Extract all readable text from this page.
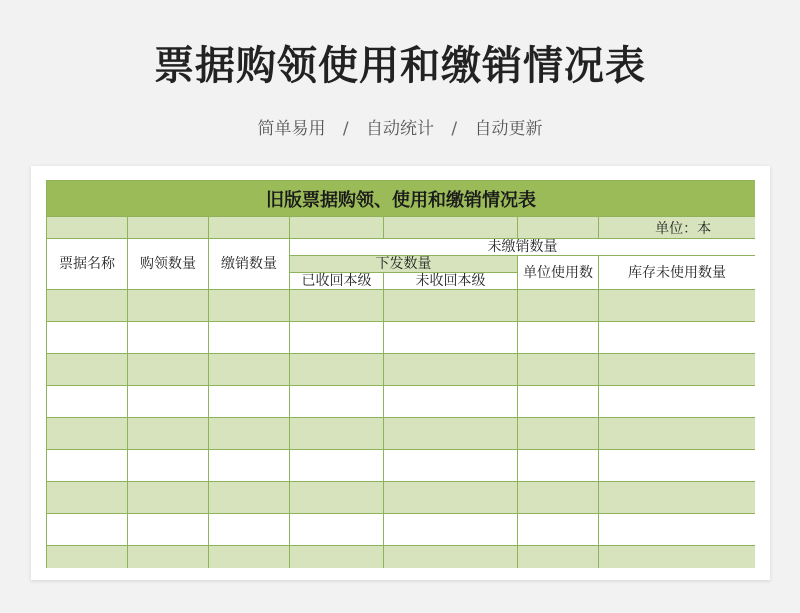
票据购领使用和缴销情况表
简单易用 / 自动统计 / 自动更新
旧版票据购领、使用和缴销情况表						
						单位：本
票据名称	购领数量	缴销数量	未缴销数量			
			下发数量		单位使用数	库存未使用数量
			已收回本级	未收回本级		
